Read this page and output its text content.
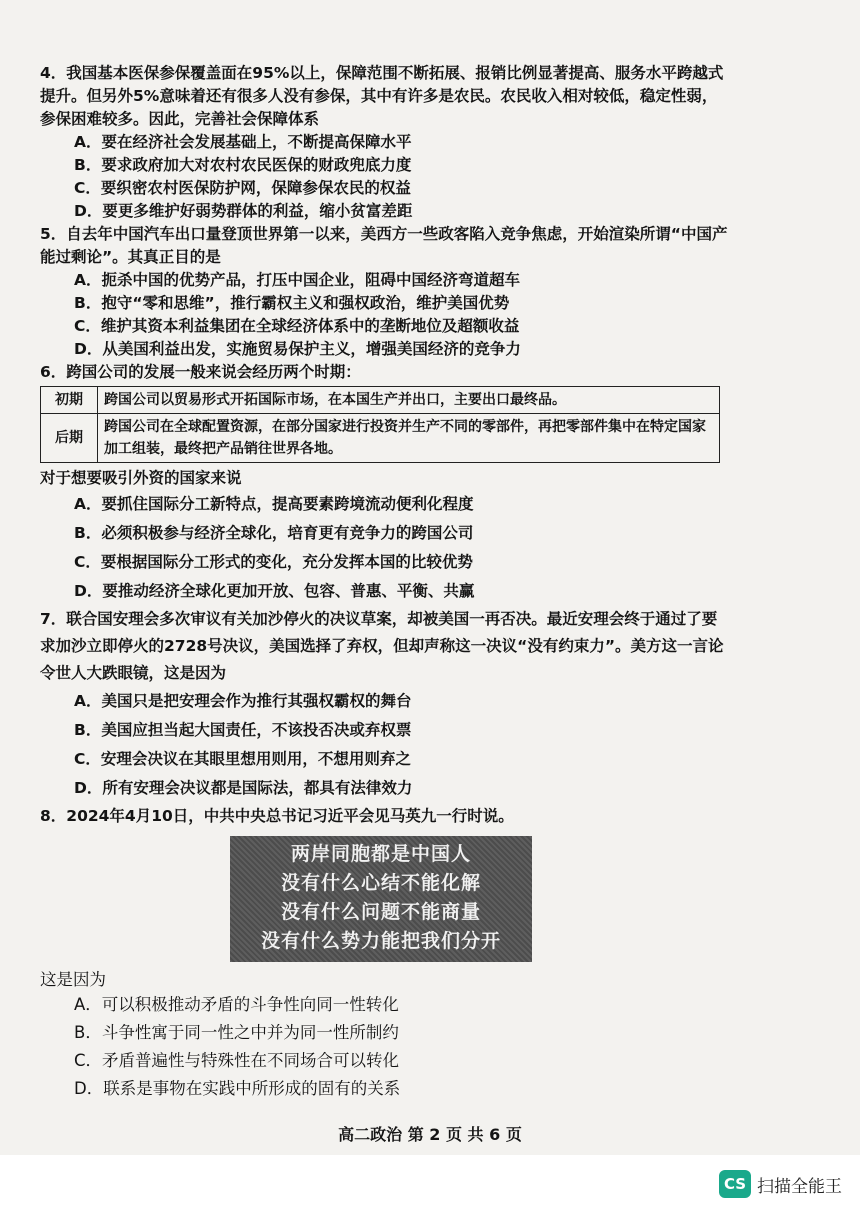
4．我国基本医保参保覆盖面在95%以上，保障范围不断拓展、报销比例显著提高、服务水平跨越式提升。但另外5%意味着还有很多人没有参保，其中有许多是农民。农民收入相对较低，稳定性弱，参保困难较多。因此，完善社会保障体系
A．要在经济社会发展基础上，不断提高保障水平
B．要求政府加大对农村农民医保的财政兜底力度
C．要织密农村医保防护网，保障参保农民的权益
D．要更多维护好弱势群体的利益，缩小贫富差距
5．自去年中国汽车出口量登顶世界第一以来，美西方一些政客陷入竞争焦虑，开始渲染所谓“中国产能过剩论”。其真正目的是
A．扼杀中国的优势产品，打压中国企业，阻碍中国经济弯道超车
B．抱守“零和思维”，推行霸权主义和强权政治，维护美国优势
C．维护其资本利益集团在全球经济体系中的垄断地位及超额收益
D．从美国利益出发，实施贸易保护主义，增强美国经济的竞争力
6．跨国公司的发展一般来说会经历两个时期：
初期	跨国公司以贸易形式开拓国际市场，在本国生产并出口，主要出口最终品。
后期	跨国公司在全球配置资源，在部分国家进行投资并生产不同的零部件，再把零部件集中在特定国家加工组装，最终把产品销往世界各地。
对于想要吸引外资的国家来说
A．要抓住国际分工新特点，提高要素跨境流动便利化程度
B．必须积极参与经济全球化，培育更有竞争力的跨国公司
C．要根据国际分工形式的变化，充分发挥本国的比较优势
D．要推动经济全球化更加开放、包容、普惠、平衡、共赢
7．联合国安理会多次审议有关加沙停火的决议草案，却被美国一再否决。最近安理会终于通过了要求加沙立即停火的2728号决议，美国选择了弃权，但却声称这一决议“没有约束力”。美方这一言论令世人大跌眼镜，这是因为
A．美国只是把安理会作为推行其强权霸权的舞台
B．美国应担当起大国责任，不该投否决或弃权票
C．安理会决议在其眼里想用则用，不想用则弃之
D．所有安理会决议都是国际法，都具有法律效力
8．2024年4月10日，中共中央总书记习近平会见马英九一行时说。
两岸同胞都是中国人
没有什么心结不能化解
没有什么问题不能商量
没有什么势力能把我们分开
这是因为
A．可以积极推动矛盾的斗争性向同一性转化
B．斗争性寓于同一性之中并为同一性所制约
C．矛盾普遍性与特殊性在不同场合可以转化
D．联系是事物在实践中所形成的固有的关系
高二政治 第 2 页 共 6 页
CS 扫描全能王
